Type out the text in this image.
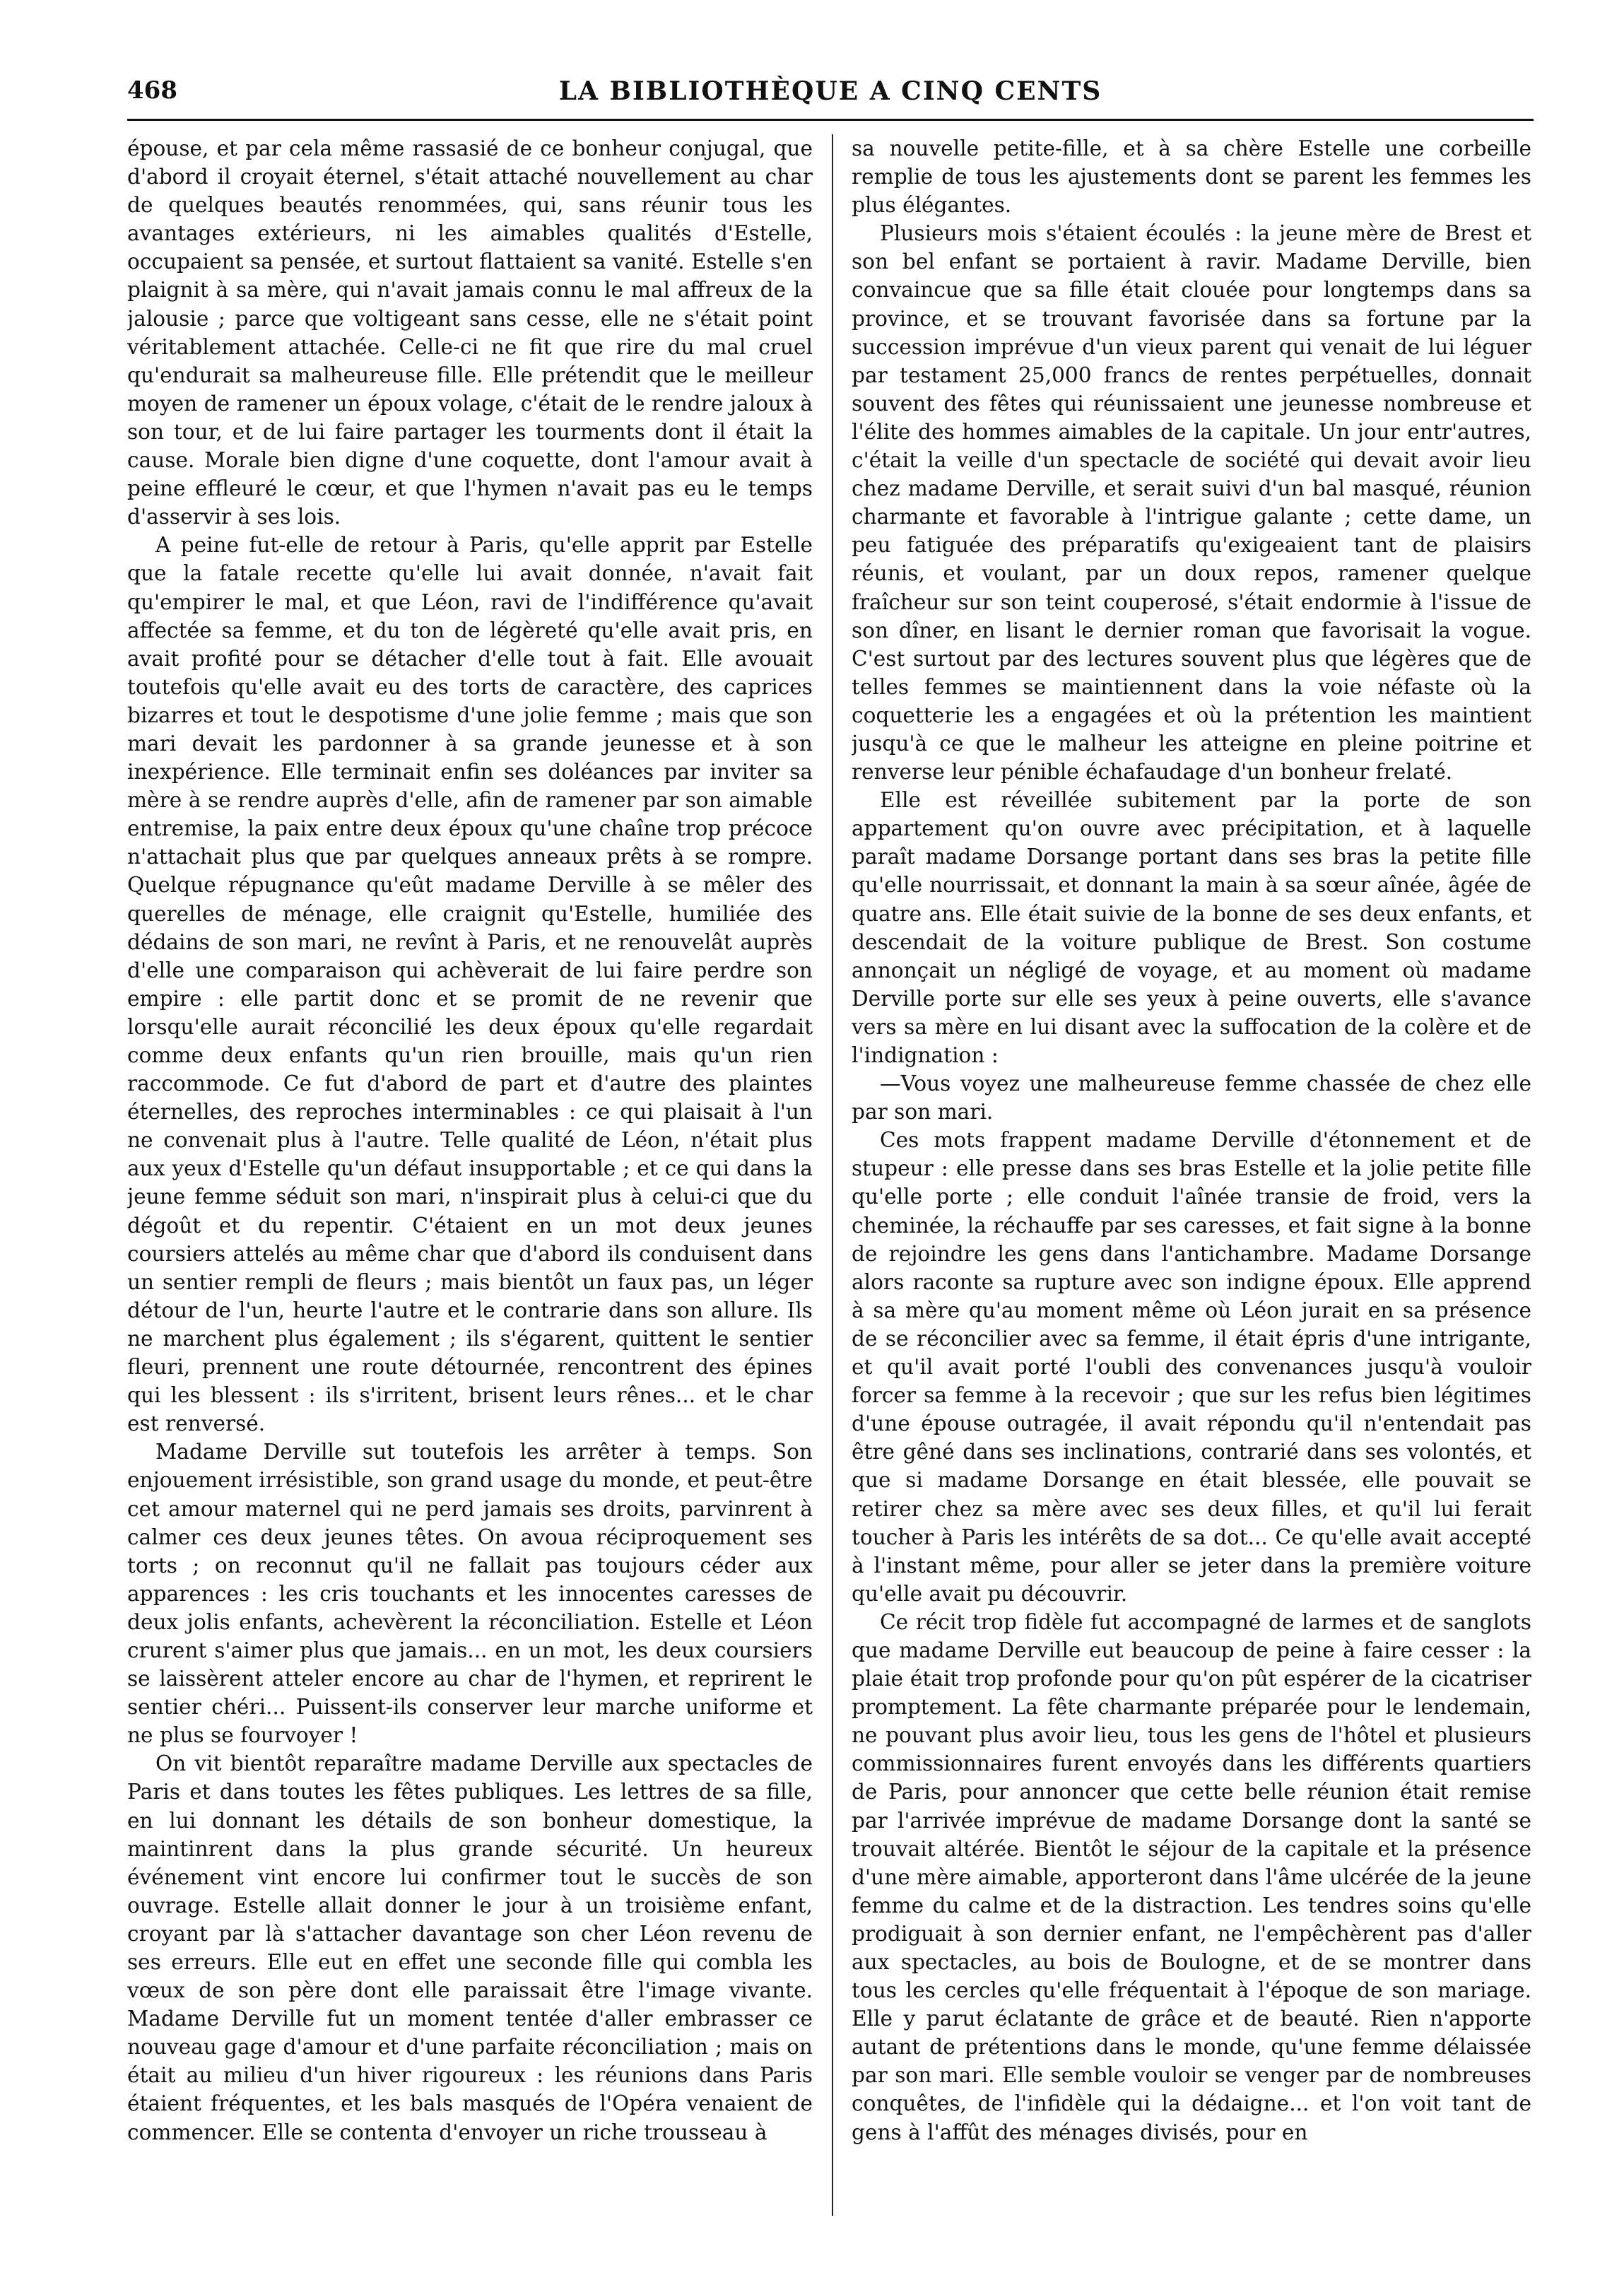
468	LA BIBLIOTHÈQUE A CINQ CENTS

épouse, et par cela même rassasié de ce bonheur conjugal, que d'abord il croyait éternel, s'était attaché nouvellement au char de quelques beautés renommées, qui, sans réunir tous les avantages extérieurs, ni les aimables qualités d'Estelle, occupaient sa pensée, et surtout flattaient sa vanité. Estelle s'en plaignit à sa mère, qui n'avait jamais connu le mal affreux de la jalousie ; parce que voltigeant sans cesse, elle ne s'était point véritablement attachée. Celle-ci ne fit que rire du mal cruel qu'endurait sa malheureuse fille. Elle prétendit que le meilleur moyen de ramener un époux volage, c'était de le rendre jaloux à son tour, et de lui faire partager les tourments dont il était la cause. Morale bien digne d'une coquette, dont l'amour avait à peine effleuré le cœur, et que l'hymen n'avait pas eu le temps d'asservir à ses lois.

A peine fut-elle de retour à Paris, qu'elle apprit par Estelle que la fatale recette qu'elle lui avait donnée, n'avait fait qu'empirer le mal, et que Léon, ravi de l'indifférence qu'avait affectée sa femme, et du ton de légèreté qu'elle avait pris, en avait profité pour se détacher d'elle tout à fait. Elle avouait toutefois qu'elle avait eu des torts de caractère, des caprices bizarres et tout le despotisme d'une jolie femme ; mais que son mari devait les pardonner à sa grande jeunesse et à son inexpérience. Elle terminait enfin ses doléances par inviter sa mère à se rendre auprès d'elle, afin de ramener par son aimable entremise, la paix entre deux époux qu'une chaîne trop précoce n'attachait plus que par quelques anneaux prêts à se rompre. Quelque répugnance qu'eût madame Derville à se mêler des querelles de ménage, elle craignit qu'Estelle, humiliée des dédains de son mari, ne revînt à Paris, et ne renouvelât auprès d'elle une comparaison qui achèverait de lui faire perdre son empire : elle partit donc et se promit de ne revenir que lorsqu'elle aurait réconcilié les deux époux qu'elle regardait comme deux enfants qu'un rien brouille, mais qu'un rien raccommode. Ce fut d'abord de part et d'autre des plaintes éternelles, des reproches interminables : ce qui plaisait à l'un ne convenait plus à l'autre. Telle qualité de Léon, n'était plus aux yeux d'Estelle qu'un défaut insupportable ; et ce qui dans la jeune femme séduit son mari, n'inspirait plus à celui-ci que du dégoût et du repentir. C'étaient en un mot deux jeunes coursiers attelés au même char que d'abord ils conduisent dans un sentier rempli de fleurs ; mais bientôt un faux pas, un léger détour de l'un, heurte l'autre et le contrarie dans son allure. Ils ne marchent plus également ; ils s'égarent, quittent le sentier fleuri, prennent une route détournée, rencontrent des épines qui les blessent : ils s'irritent, brisent leurs rênes... et le char est renversé.

Madame Derville sut toutefois les arrêter à temps. Son enjouement irrésistible, son grand usage du monde, et peut-être cet amour maternel qui ne perd jamais ses droits, parvinrent à calmer ces deux jeunes têtes. On avoua réciproquement ses torts ; on reconnut qu'il ne fallait pas toujours céder aux apparences : les cris touchants et les innocentes caresses de deux jolis enfants, achevèrent la réconciliation. Estelle et Léon crurent s'aimer plus que jamais... en un mot, les deux coursiers se laissèrent atteler encore au char de l'hymen, et reprirent le sentier chéri... Puissent-ils conserver leur marche uniforme et ne plus se fourvoyer !

On vit bientôt reparaître madame Derville aux spectacles de Paris et dans toutes les fêtes publiques. Les lettres de sa fille, en lui donnant les détails de son bonheur domestique, la maintinrent dans la plus grande sécurité. Un heureux événement vint encore lui confirmer tout le succès de son ouvrage. Estelle allait donner le jour à un troisième enfant, croyant par là s'attacher davantage son cher Léon revenu de ses erreurs. Elle eut en effet une seconde fille qui combla les vœux de son père dont elle paraissait être l'image vivante. Madame Derville fut un moment tentée d'aller embrasser ce nouveau gage d'amour et d'une parfaite réconciliation ; mais on était au milieu d'un hiver rigoureux : les réunions dans Paris étaient fréquentes, et les bals masqués de l'Opéra venaient de commencer. Elle se contenta d'envoyer un riche trousseau à

sa nouvelle petite-fille, et à sa chère Estelle une corbeille remplie de tous les ajustements dont se parent les femmes les plus élégantes.

Plusieurs mois s'étaient écoulés : la jeune mère de Brest et son bel enfant se portaient à ravir. Madame Derville, bien convaincue que sa fille était clouée pour longtemps dans sa province, et se trouvant favorisée dans sa fortune par la succession imprévue d'un vieux parent qui venait de lui léguer par testament 25,000 francs de rentes perpétuelles, donnait souvent des fêtes qui réunissaient une jeunesse nombreuse et l'élite des hommes aimables de la capitale. Un jour entr'autres, c'était la veille d'un spectacle de société qui devait avoir lieu chez madame Derville, et serait suivi d'un bal masqué, réunion charmante et favorable à l'intrigue galante ; cette dame, un peu fatiguée des préparatifs qu'exigeaient tant de plaisirs réunis, et voulant, par un doux repos, ramener quelque fraîcheur sur son teint couperosé, s'était endormie à l'issue de son dîner, en lisant le dernier roman que favorisait la vogue. C'est surtout par des lectures souvent plus que légères que de telles femmes se maintiennent dans la voie néfaste où la coquetterie les a engagées et où la prétention les maintient jusqu'à ce que le malheur les atteigne en pleine poitrine et renverse leur pénible échafaudage d'un bonheur frelaté.

Elle est réveillée subitement par la porte de son appartement qu'on ouvre avec précipitation, et à laquelle paraît madame Dorsange portant dans ses bras la petite fille qu'elle nourrissait, et donnant la main à sa sœur aînée, âgée de quatre ans. Elle était suivie de la bonne de ses deux enfants, et descendait de la voiture publique de Brest. Son costume annonçait un négligé de voyage, et au moment où madame Derville porte sur elle ses yeux à peine ouverts, elle s'avance vers sa mère en lui disant avec la suffocation de la colère et de l'indignation :

—Vous voyez une malheureuse femme chassée de chez elle par son mari.

Ces mots frappent madame Derville d'étonnement et de stupeur : elle presse dans ses bras Estelle et la jolie petite fille qu'elle porte ; elle conduit l'aînée transie de froid, vers la cheminée, la réchauffe par ses caresses, et fait signe à la bonne de rejoindre les gens dans l'antichambre. Madame Dorsange alors raconte sa rupture avec son indigne époux. Elle apprend à sa mère qu'au moment même où Léon jurait en sa présence de se réconcilier avec sa femme, il était épris d'une intrigante, et qu'il avait porté l'oubli des convenances jusqu'à vouloir forcer sa femme à la recevoir ; que sur les refus bien légitimes d'une épouse outragée, il avait répondu qu'il n'entendait pas être gêné dans ses inclinations, contrarié dans ses volontés, et que si madame Dorsange en était blessée, elle pouvait se retirer chez sa mère avec ses deux filles, et qu'il lui ferait toucher à Paris les intérêts de sa dot... Ce qu'elle avait accepté à l'instant même, pour aller se jeter dans la première voiture qu'elle avait pu découvrir.

Ce récit trop fidèle fut accompagné de larmes et de sanglots que madame Derville eut beaucoup de peine à faire cesser : la plaie était trop profonde pour qu'on pût espérer de la cicatriser promptement. La fête charmante préparée pour le lendemain, ne pouvant plus avoir lieu, tous les gens de l'hôtel et plusieurs commissionnaires furent envoyés dans les différents quartiers de Paris, pour annoncer que cette belle réunion était remise par l'arrivée imprévue de madame Dorsange dont la santé se trouvait altérée. Bientôt le séjour de la capitale et la présence d'une mère aimable, apporteront dans l'âme ulcérée de la jeune femme du calme et de la distraction. Les tendres soins qu'elle prodiguait à son dernier enfant, ne l'empêchèrent pas d'aller aux spectacles, au bois de Boulogne, et de se montrer dans tous les cercles qu'elle fréquentait à l'époque de son mariage. Elle y parut éclatante de grâce et de beauté. Rien n'apporte autant de prétentions dans le monde, qu'une femme délaissée par son mari. Elle semble vouloir se venger par de nombreuses conquêtes, de l'infidèle qui la dédaigne... et l'on voit tant de gens à l'affût des ménages divisés, pour en
